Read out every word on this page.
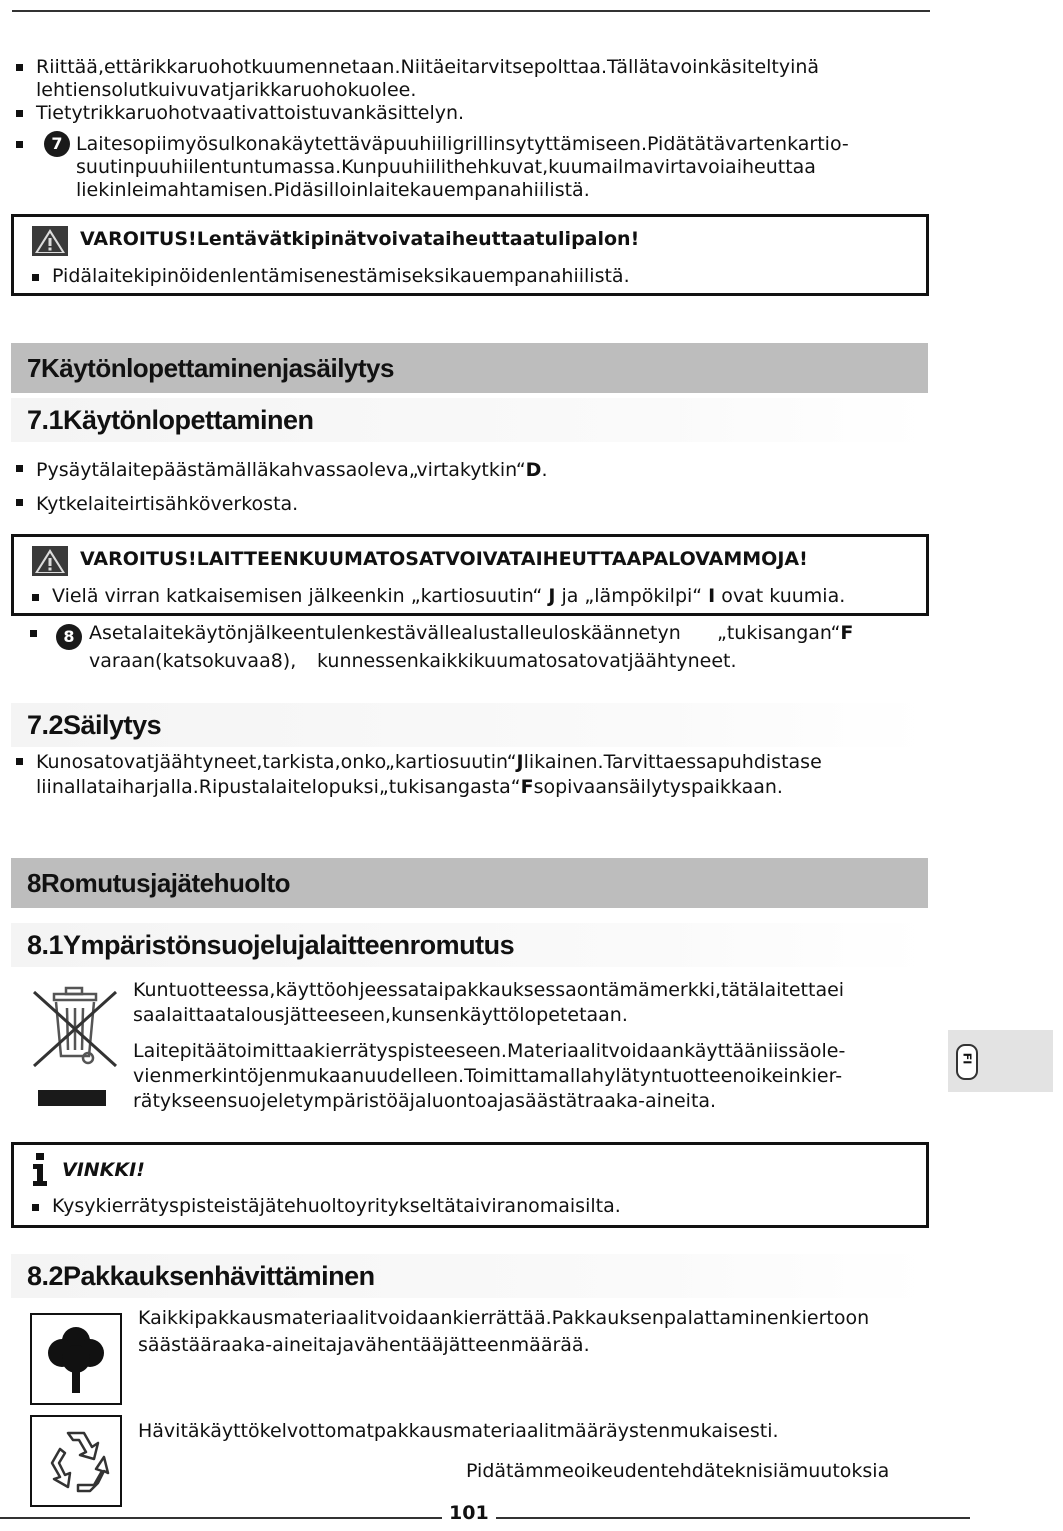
Riittää,ettärikkaruohotkuumennetaan.Niitäeitarvitsepolttaa.Tällätavoinkäsiteltyinä lehtiensolutkuivuvatjarikkaruohokuolee.
Tietytrikkaruohotvaativattoistuvankäsittelyn.
7 Laitesopiimyösulkonakäytettäväpuuhiiligrillinsytyttämiseen.Pidätätävartenkartio-suutinpuuhiilentuntumassa.Kunpuuhiilithehkuvat,kuumailmavirtavoiaiheuttaa liekinleimahtamisen.Pidäsilloinlaitekauempanahiilistä.
VAROITUS!Lentävätkipinätvoivataiheuttaatulipalon!
Pidälaitekipinöidenlentämisenestämiseksikauempanahiilistä.
7Käytönlopettaminenjasäilytys
7.1Käytönlopettaminen
Pysäytälaitepäästämälläkahvassaoleva„virtakytkin“D.
Kytkelaiteirtisähköverkosta.
VAROITUS!LAITTEENKUUMATOSATVOIVATAIHEUTTAAPALOVAMMOJA!
Vielä virran katkaisemisen jälkeenkin „kartiosuutin“ J ja „lämpökilpi“ I ovat kuumia.
8 Asetalaitekäytönjälkeentulenkestävällealustalleuloskäännetyn „tukisangan“F
varaan(katsokuvaa8), kunnessenkaikkikuumatosatovatjäähtyneet.
7.2Säilytys
Kunosatovatjäähtyneet,tarkista,onko„kartiosuutin“Jlikainen.Tarvittaessapuhdistase
liinallataiharjalla.Ripustalaitelopuksi„tukisangasta“Fsopivaansäilytyspaikkaan.
8Romutusjajätehuolto
8.1Ympäristönsuojelujalaitteenromutus
Kuntuotteessa,käyttöohjeessataipakkauksessaontämämerkki,tätälaitettaei
saalaittaatalousjätteeseen,kunsenkäyttölopetetaan.
Laitepitäätoimittaakierrätyspisteeseen.Materiaalitvoidaankäyttääniissäole-
vienmerkintöjenmukaanuudelleen.Toimittamallahylätyntuotteenoikeinkier-
rätykseensuojeletympäristöäjaluontoajasäästätraaka-aineita.
VINKKI!
Kysykierrätyspisteistäjätehuoltoyrityksel​tätaiviranomaisilta.
8.2Pakkauksenhävittäminen
Kaikkipakkausmateriaalitvoidaankierrättää.Pakkauksenpalattaminenkiertoon
säästääraaka-aineitajavähentääjätteenmäärää.
Hävitäkäyttökelvottomatpakkausmateriaalitmääräystenmukaisesti.
Pidätämmeoikeudentehdäteknisiämuutoksia
101
FI
